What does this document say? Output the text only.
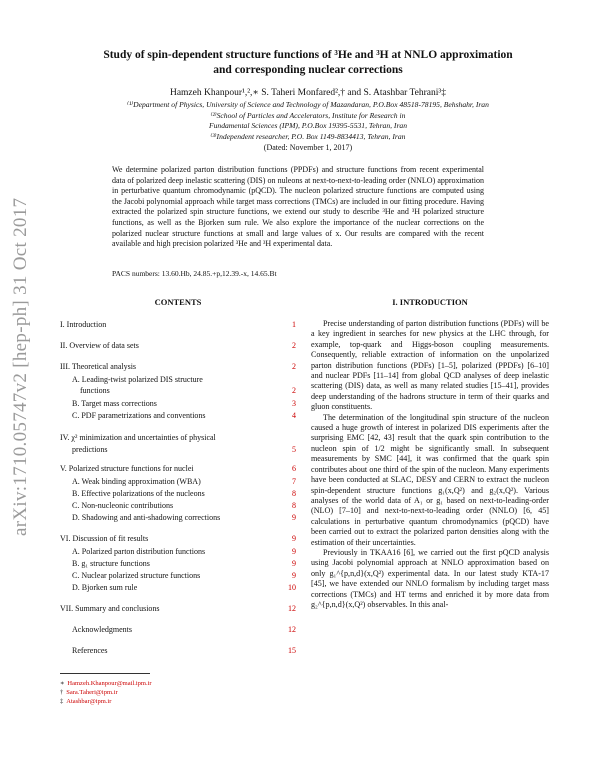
arXiv:1710.05747v2 [hep-ph] 31 Oct 2017
Study of spin-dependent structure functions of ³He and ³H at NNLO approximation
and corresponding nuclear corrections
Hamzeh Khanpour¹,²,∗ S. Taheri Monfared²,† and S. Atashbar Tehrani³‡
⁽¹⁾Department of Physics, University of Science and Technology of Mazandaran, P.O.Box 48518-78195, Behshahr, Iran
⁽²⁾School of Particles and Accelerators, Institute for Research in
Fundamental Sciences (IPM), P.O.Box 19395-5531, Tehran, Iran
⁽³⁾Independent researcher, P.O. Box 1149-8834413, Tehran, Iran
(Dated: November 1, 2017)
We determine polarized parton distribution functions (PPDFs) and structure functions from recent experimental data of polarized deep inelastic scattering (DIS) on nuleons at next-to-next-to-leading order (NNLO) approximation in perturbative quantum chromodynamic (pQCD). The nucleon polarized structure functions are computed using the Jacobi polynomial approach while target mass corrections (TMCs) are included in our fitting procedure. Having extracted the polarized spin structure functions, we extend our study to describe ³He and ³H polarized structure functions, as well as the Bjorken sum rule. We also explore the importance of the nuclear corrections on the polarized nuclear structure functions at small and large values of x. Our results are compared with the recent available and high precision polarized ³He and ³H experimental data.
PACS numbers: 13.60.Hb, 24.85.+p,12.39.-x, 14.65.Bt
CONTENTS
I. Introduction	1
II. Overview of data sets	2
III. Theoretical analysis	2
A. Leading-twist polarized DIS structure
functions	2
B. Target mass corrections	3
C. PDF parametrizations and conventions	4
IV. χ² minimization and uncertainties of physical
predictions	5
V. Polarized structure functions for nuclei	6
A. Weak binding approximation (WBA)	7
B. Effective polarizations of the nucleons	8
C. Non-nucleonic contributions	8
D. Shadowing and anti-shadowing corrections	9
VI. Discussion of fit results	9
A. Polarized parton distribution functions	9
B. g₁ structure functions	9
C. Nuclear polarized structure functions	9
D. Bjorken sum rule	10
VII. Summary and conclusions	12
Acknowledgments	12
References	15
I. INTRODUCTION

Precise understanding of parton distribution functions (PDFs) will be a key ingredient in searches for new physics at the LHC through, for example, top-quark and Higgs-boson coupling measurements. Consequently, reliable extraction of information on the unpolarized parton distribution functions (PDFs) [1–5], polarized (PPDFs) [6–10] and nuclear PDFs [11–14] from global QCD analyses of deep inelastic scattering (DIS) data, as well as many related studies [15–41], provides deep understanding of the hadrons structure in term of their quarks and gluon constituents.

The determination of the longitudinal spin structure of the nucleon caused a huge growth of interest in polarized DIS experiments after the surprising EMC [42, 43] result that the quark spin contribution to the nucleon spin of 1/2 might be significantly small. In subsequent measurements by SMC [44], it was confirmed that the quark spin contributes about one third of the spin of the nucleon. Many experiments have been conducted at SLAC, DESY and CERN to extract the nucleon spin-dependent structure functions g₁(x,Q²) and g₂(x,Q²). Various analyses of the world data of A₁ or g₁ based on next-to-leading-order (NLO) [7–10] and next-to-next-to-leading order (NNLO) [6, 45] calculations in perturbative quantum chromodynamics (pQCD) have been carried out to extract the polarized parton densities along with the estimation of their uncertainties.

Previously in TKAA16 [6], we carried out the first pQCD analysis using Jacobi polynomial approach at NNLO approximation based on only g₁^{p,n,d}(x,Q²) experimental data. In our latest study KTA-17 [45], we have extended our NNLO formalism by including target mass corrections (TMCs) and HT terms and enriched it by more data from g₂^{p,n,d}(x,Q²) observables. In this anal-

∗ Hamzeh.Khanpour@mail.ipm.ir
† Sara.Taheri@ipm.ir
‡ Atashbar@ipm.ir
